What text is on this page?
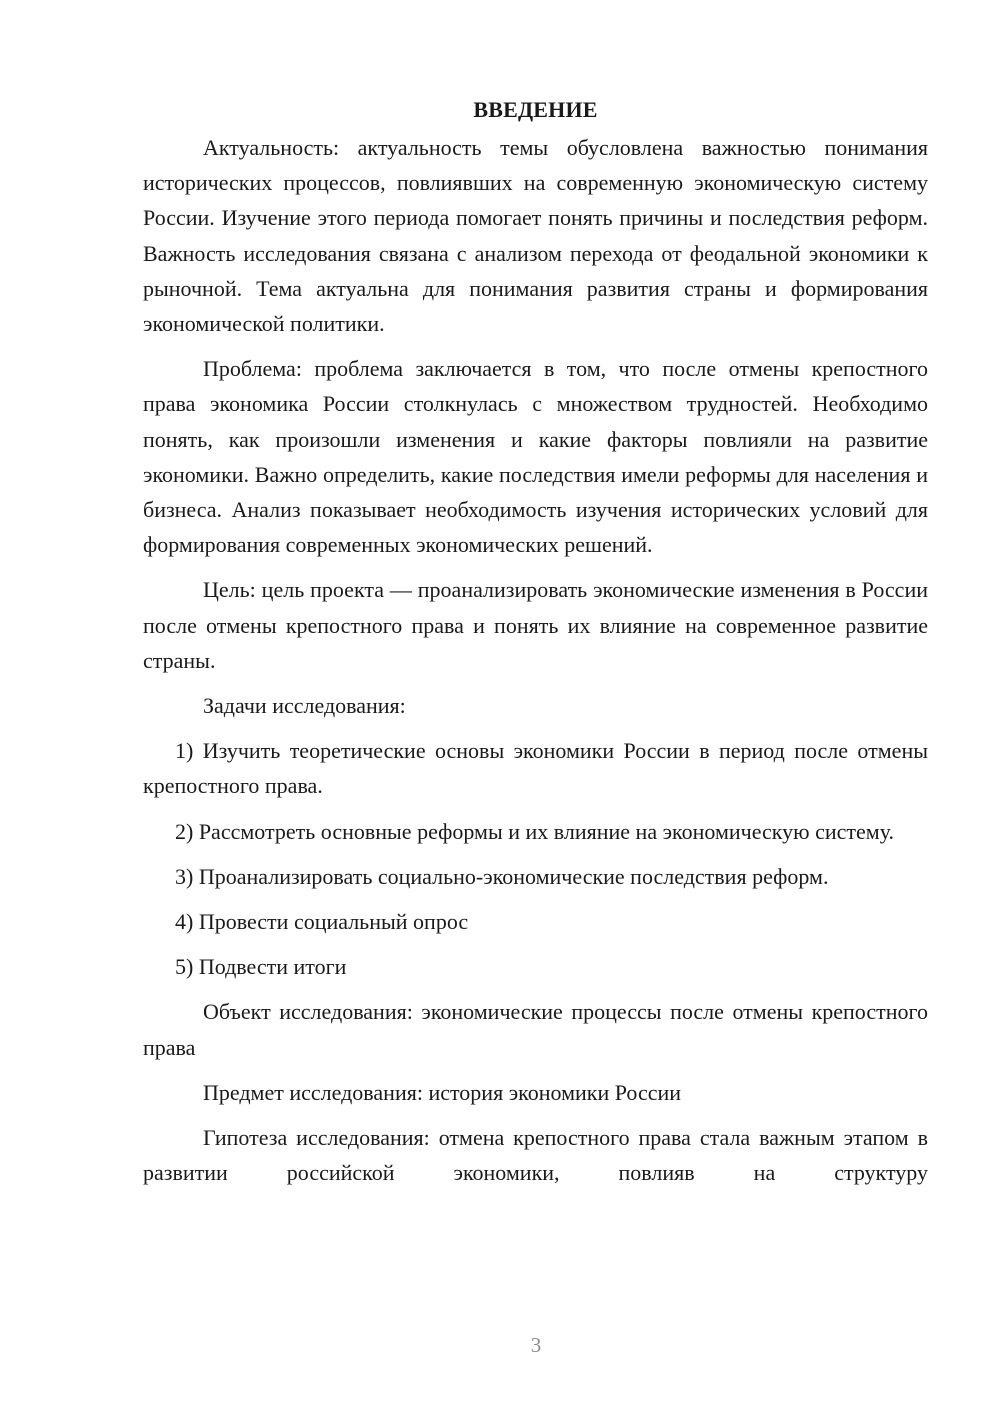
ВВЕДЕНИЕ

Актуальность: актуальность темы обусловлена важностью понимания исторических процессов, повлиявших на современную экономическую систему России. Изучение этого периода помогает понять причины и последствия реформ. Важность исследования связана с анализом перехода от феодальной экономики к рыночной. Тема актуальна для понимания развития страны и формирования экономической политики.

Проблема: проблема заключается в том, что после отмены крепостного права экономика России столкнулась с множеством трудностей. Необходимо понять, как произошли изменения и какие факторы повлияли на развитие экономики. Важно определить, какие последствия имели реформы для населения и бизнеса. Анализ показывает необходимость изучения исторических условий для формирования современных экономических решений.

Цель: цель проекта — проанализировать экономические изменения в России после отмены крепостного права и понять их влияние на современное развитие страны.

Задачи исследования:

1) Изучить теоретические основы экономики России в период после отмены крепостного права.

2) Рассмотреть основные реформы и их влияние на экономическую систему.

3) Проанализировать социально-экономические последствия реформ.

4) Провести социальный опрос

5) Подвести итоги

Объект исследования: экономические процессы после отмены крепостного права

Предмет исследования: история экономики России

Гипотеза исследования: отмена крепостного права стала важным этапом в развитии российской экономики, повлияв на структуру

3
